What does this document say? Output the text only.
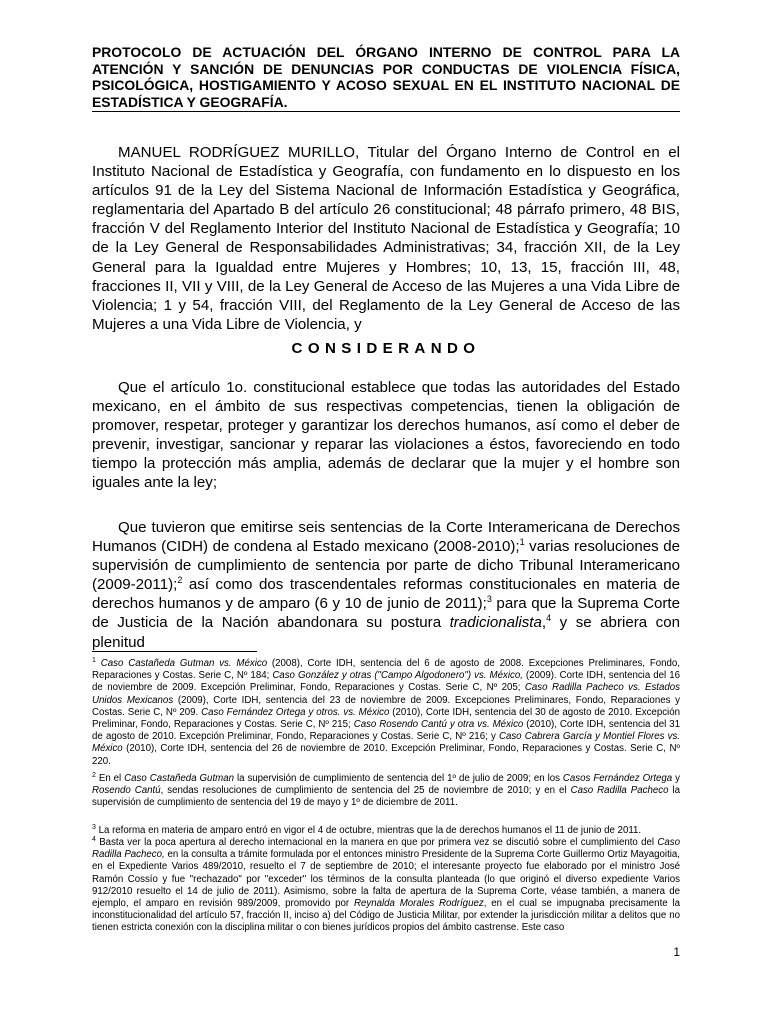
PROTOCOLO DE ACTUACIÓN DEL ÓRGANO INTERNO DE CONTROL PARA LA ATENCIÓN Y SANCIÓN DE DENUNCIAS POR CONDUCTAS DE VIOLENCIA FÍSICA, PSICOLÓGICA, HOSTIGAMIENTO Y ACOSO SEXUAL EN EL INSTITUTO NACIONAL DE ESTADÍSTICA Y GEOGRAFÍA.

MANUEL RODRÍGUEZ MURILLO, Titular del Órgano Interno de Control en el Instituto Nacional de Estadística y Geografía, con fundamento en lo dispuesto en los artículos 91 de la Ley del Sistema Nacional de Información Estadística y Geográfica, reglamentaria del Apartado B del artículo 26 constitucional; 48 párrafo primero, 48 BIS, fracción V del Reglamento Interior del Instituto Nacional de Estadística y Geografía; 10 de la Ley General de Responsabilidades Administrativas; 34, fracción XII, de la Ley General para la Igualdad entre Mujeres y Hombres; 10, 13, 15, fracción III, 48, fracciones II, VII y VIII, de la Ley General de Acceso de las Mujeres a una Vida Libre de Violencia; 1 y 54, fracción VIII, del Reglamento de la Ley General de Acceso de las Mujeres a una Vida Libre de Violencia, y

CONSIDERANDO

Que el artículo 1o. constitucional establece que todas las autoridades del Estado mexicano, en el ámbito de sus respectivas competencias, tienen la obligación de promover, respetar, proteger y garantizar los derechos humanos, así como el deber de prevenir, investigar, sancionar y reparar las violaciones a éstos, favoreciendo en todo tiempo la protección más amplia, además de declarar que la mujer y el hombre son iguales ante la ley;

Que tuvieron que emitirse seis sentencias de la Corte Interamericana de Derechos Humanos (CIDH) de condena al Estado mexicano (2008-2010);$^1$ varias resoluciones de supervisión de cumplimiento de sentencia por parte de dicho Tribunal Interamericano (2009-2011);$^2$ así como dos trascendentales reformas constitucionales en materia de derechos humanos y de amparo (6 y 10 de junio de 2011);$^3$ para que la Suprema Corte de Justicia de la Nación abandonara su postura tradicionalista,$^4$ y se abriera con plenitud

$^1$ Caso Castañeda Gutman vs. México (2008), Corte IDH, sentencia del 6 de agosto de 2008. Excepciones Preliminares, Fondo, Reparaciones y Costas. Serie C, Nº 184; Caso González y otras ("Campo Algodonero") vs. México, (2009). Corte IDH, sentencia del 16 de noviembre de 2009. Excepción Preliminar, Fondo, Reparaciones y Costas. Serie C, Nº 205; Caso Radilla Pacheco vs. Estados Unidos Mexicanos (2009), Corte IDH, sentencia del 23 de noviembre de 2009. Excepciones Preliminares, Fondo, Reparaciones y Costas. Serie C, Nº 209. Caso Fernández Ortega y otros. vs. México (2010), Corte IDH, sentencia del 30 de agosto de 2010. Excepción Preliminar, Fondo, Reparaciones y Costas. Serie C, Nº 215; Caso Rosendo Cantú y otra vs. México (2010), Corte IDH, sentencia del 31 de agosto de 2010. Excepción Preliminar, Fondo, Reparaciones y Costas. Serie C, Nº 216; y Caso Cabrera García y Montiel Flores vs. México (2010), Corte IDH, sentencia del 26 de noviembre de 2010. Excepción Preliminar, Fondo, Reparaciones y Costas. Serie C, Nº 220.

$^2$ En el Caso Castañeda Gutman la supervisión de cumplimiento de sentencia del 1º de julio de 2009; en los Casos Fernández Ortega y Rosendo Cantú, sendas resoluciones de cumplimiento de sentencia del 25 de noviembre de 2010; y en el Caso Radilla Pacheco la supervisión de cumplimiento de sentencia del 19 de mayo y 1º de diciembre de 2011.

$^3$ La reforma en materia de amparo entró en vigor el 4 de octubre, mientras que la de derechos humanos el 11 de junio de 2011.

$^4$ Basta ver la poca apertura al derecho internacional en la manera en que por primera vez se discutió sobre el cumplimiento del Caso Radilla Pacheco, en la consulta a trámite formulada por el entonces ministro Presidente de la Suprema Corte Guillermo Ortiz Mayagoitia, en el Expediente Varios 489/2010, resuelto el 7 de septiembre de 2010; el interesante proyecto fue elaborado por el ministro José Ramón Cossío y fue "rechazado" por "exceder" los términos de la consulta planteada (lo que originó el diverso expediente Varios 912/2010 resuelto el 14 de julio de 2011). Asimismo, sobre la falta de apertura de la Suprema Corte, véase también, a manera de ejemplo, el amparo en revisión 989/2009, promovido por Reynalda Morales Rodríguez, en el cual se impugnaba precisamente la inconstitucionalidad del artículo 57, fracción II, inciso a) del Código de Justicia Militar, por extender la jurisdicción militar a delitos que no tienen estricta conexión con la disciplina militar o con bienes jurídicos propios del ámbito castrense. Este caso

1
